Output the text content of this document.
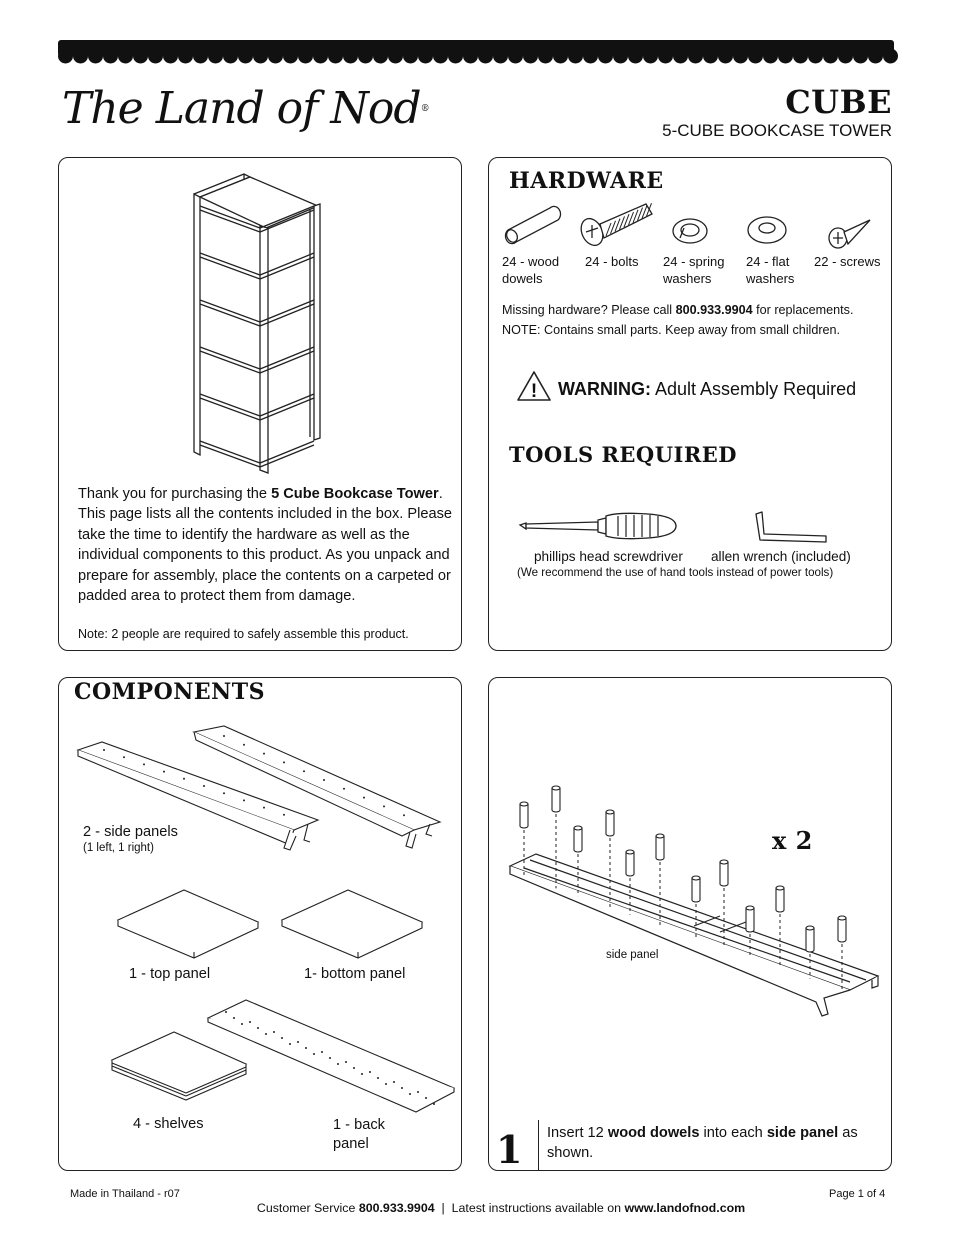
The Land of Nod®	CUBE
5-CUBE BOOKCASE TOWER
Thank you for purchasing the 5 Cube Bookcase Tower. This page lists all the contents included in the box. Please take the time to identify the hardware as well as the individual components to this product. As you unpack and prepare for assembly, place the contents on a carpeted or padded area to protect them from damage.
Note: 2 people are required to safely assemble this product.
HARDWARE
24 - wood
dowels
24 - bolts 24 - spring
washers
24 - flat
washers
22 - screws
Missing hardware? Please call 800.933.9904 for replacements.
NOTE: Contains small parts. Keep away from small children.
! WARNING: Adult Assembly Required
TOOLS REQUIRED
phillips head screwdriver allen wrench (included)
(We recommend the use of hand tools instead of power tools)
COMPONENTS
2 - side panels
(1 left, 1 right)
1 - top panel	1- bottom panel
4 - shelves	1 - back
panel
x 2
side panel
1 Insert 12 wood dowels into each side panel as shown.
Made in Thailand - r07

Customer Service 800.933.9904  |  Latest instructions available on www.landofnod.com

Page 1 of 4
